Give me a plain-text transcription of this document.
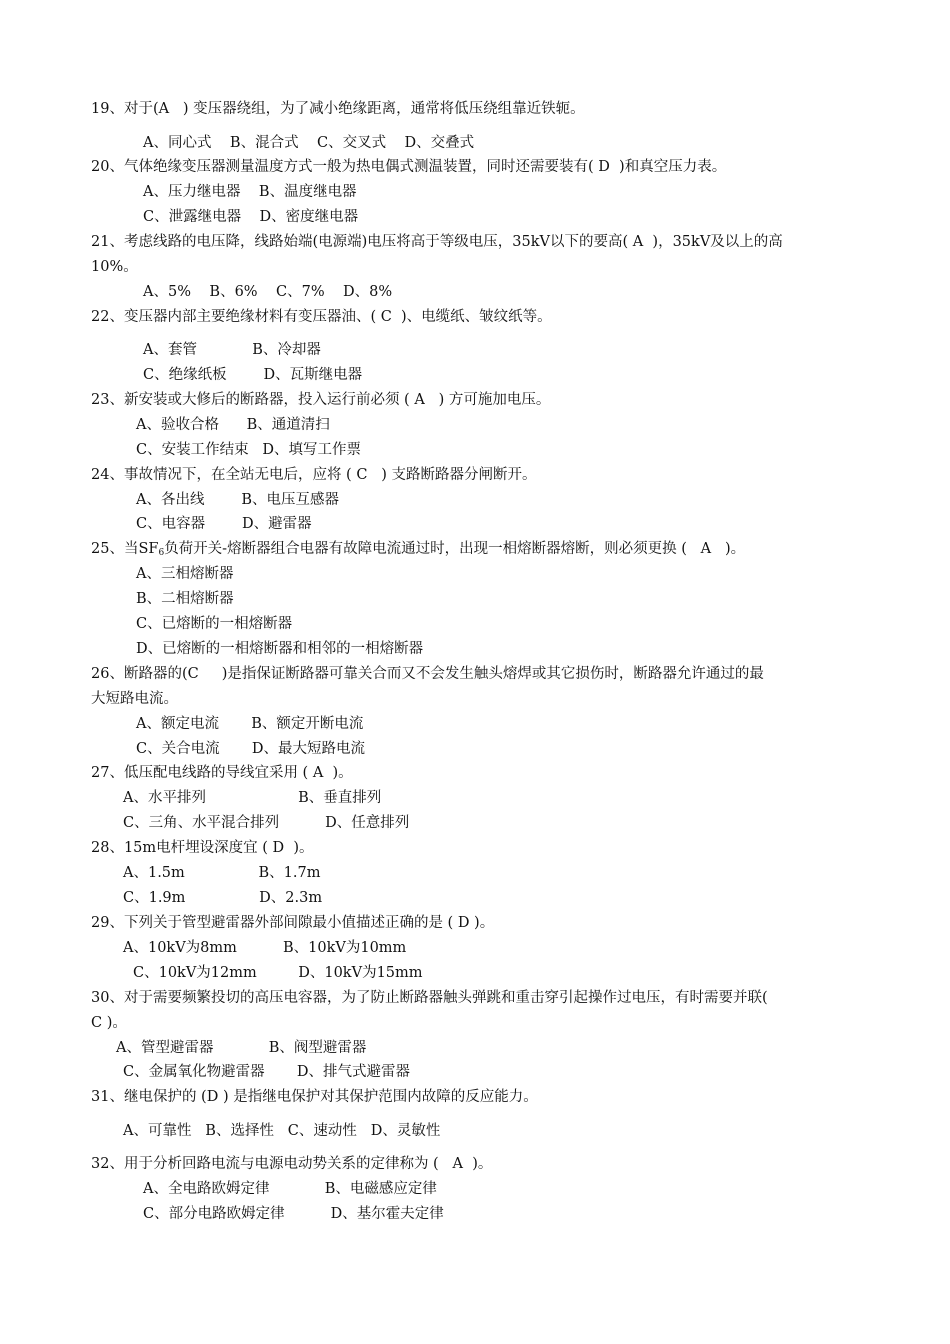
19、对于(A   ) 变压器绕组，为了减小绝缘距离，通常将低压绕组靠近铁轭。
A、同心式    B、混合式    C、交叉式    D、交叠式
20、气体绝缘变压器测量温度方式一般为热电偶式测温装置，同时还需要装有( D  )和真空压力表。
A、压力继电器    B、温度继电器
C、泄露继电器    D、密度继电器
21、考虑线路的电压降，线路始端(电源端)电压将高于等级电压，35kV以下的要高( A  )，35kV及以上的高
10%。
A、5%    B、6%    C、7%    D、8%
22、变压器内部主要绝缘材料有变压器油、( C  )、电缆纸、皱纹纸等。
A、套管            B、冷却器
C、绝缘纸板        D、瓦斯继电器
23、新安装或大修后的断路器，投入运行前必须 ( A   ) 方可施加电压。
A、验收合格      B、通道清扫
C、安装工作结束   D、填写工作票
24、事故情况下，在全站无电后，应将 ( C   ) 支路断路器分闸断开。
A、各出线        B、电压互感器
C、电容器        D、避雷器
25、当$SF_6$负荷开关-熔断器组合电器有故障电流通过时，出现一相熔断器熔断，则必须更换 (   A   )。
A、三相熔断器
B、二相熔断器
C、已熔断的一相熔断器
D、已熔断的一相熔断器和相邻的一相熔断器
26、断路器的(C     )是指保证断路器可靠关合而又不会发生触头熔焊或其它损伤时，断路器允许通过的最
大短路电流。
A、额定电流       B、额定开断电流
C、关合电流       D、最大短路电流
27、低压配电线路的导线宜采用 ( A  )。
A、水平排列                    B、垂直排列
C、三角、水平混合排列          D、任意排列
28、15m电杆埋设深度宜 ( D  )。
A、1.5m                B、1.7m
C、1.9m                D、2.3m
29、下列关于管型避雷器外部间隙最小值描述正确的是 ( D )。
A、10kV为8mm          B、10kV为10mm
C、10kV为12mm         D、10kV为15mm
30、对于需要频繁投切的高压电容器，为了防止断路器触头弹跳和重击穿引起操作过电压，有时需要并联(
C )。
A、管型避雷器            B、阀型避雷器
C、金属氧化物避雷器       D、排气式避雷器
31、继电保护的 (D ) 是指继电保护对其保护范围内故障的反应能力。
A、可靠性   B、选择性   C、速动性   D、灵敏性
32、用于分析回路电流与电源电动势关系的定律称为 (   A  )。
A、全电路欧姆定律            B、电磁感应定律
C、部分电路欧姆定律          D、基尔霍夫定律
